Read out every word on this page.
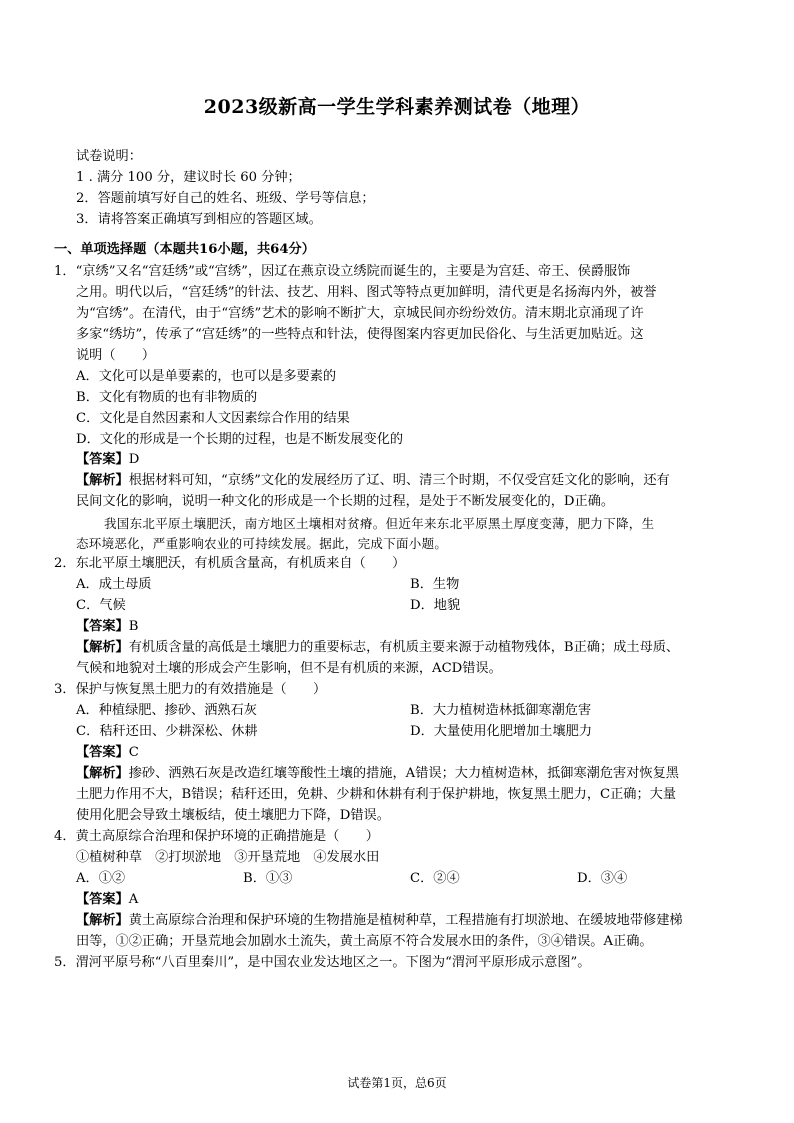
2023级新高一学生学科素养测试卷（地理）
试卷说明：
1 . 满分 100 分，建议时长 60 分钟；
2．答题前填写好自己的姓名、班级、学号等信息；
3．请将答案正确填写到相应的答题区域。
一、单项选择题（本题共16小题，共64分）
1．“京绣”又名“宫廷绣”或“宫绣”，因辽在燕京设立绣院而诞生的，主要是为宫廷、帝王、侯爵服饰
之用。明代以后，“宫廷绣”的针法、技艺、用料、图式等特点更加鲜明，清代更是名扬海内外，被誉
为“宫绣”。在清代，由于“宫绣”艺术的影响不断扩大，京城民间亦纷纷效仿。清末期北京涌现了许
多家“绣坊”，传承了“宫廷绣”的一些特点和针法，使得图案内容更加民俗化、与生活更加贴近。这
说明（　　）
A．文化可以是单要素的，也可以是多要素的
B．文化有物质的也有非物质的
C．文化是自然因素和人文因素综合作用的结果
D．文化的形成是一个长期的过程，也是不断发展变化的
【答案】D
【解析】根据材料可知，“京绣”文化的发展经历了辽、明、清三个时期，不仅受宫廷文化的影响，还有
民间文化的影响，说明一种文化的形成是一个长期的过程，是处于不断发展变化的，D正确。
我国东北平原土壤肥沃，南方地区土壤相对贫瘠。但近年来东北平原黑土厚度变薄，肥力下降，生
态环境恶化，严重影响农业的可持续发展。据此，完成下面小题。
2．东北平原土壤肥沃，有机质含量高，有机质来自（　　）
A．成土母质	B．生物
C．气候	D．地貌
【答案】B
【解析】有机质含量的高低是土壤肥力的重要标志，有机质主要来源于动植物残体，B正确；成土母质、
气候和地貌对土壤的形成会产生影响，但不是有机质的来源，ACD错误。
3．保护与恢复黑土肥力的有效措施是（　　）
A．种植绿肥、掺砂、洒熟石灰	B．大力植树造林抵御寒潮危害
C．秸秆还田、少耕深松、休耕	D．大量使用化肥增加土壤肥力
【答案】C
【解析】掺砂、洒熟石灰是改造红壤等酸性土壤的措施，A错误；大力植树造林，抵御寒潮危害对恢复黑
土肥力作用不大，B错误；秸秆还田，免耕、少耕和休耕有利于保护耕地，恢复黑土肥力，C正确；大量
使用化肥会导致土壤板结，使土壤肥力下降，D错误。
4．黄土高原综合治理和保护环境的正确措施是（　　）
①植树种草　②打坝淤地　③开垦荒地　④发展水田
A．①②	B．①③	C．②④	D．③④
【答案】A
【解析】黄土高原综合治理和保护环境的生物措施是植树种草，工程措施有打坝淤地、在缓坡地带修建梯
田等，①②正确；开垦荒地会加剧水土流失，黄土高原不符合发展水田的条件，③④错误。A正确。
5．渭河平原号称“八百里秦川”，是中国农业发达地区之一。下图为“渭河平原形成示意图”。
试卷第1页，总6页
